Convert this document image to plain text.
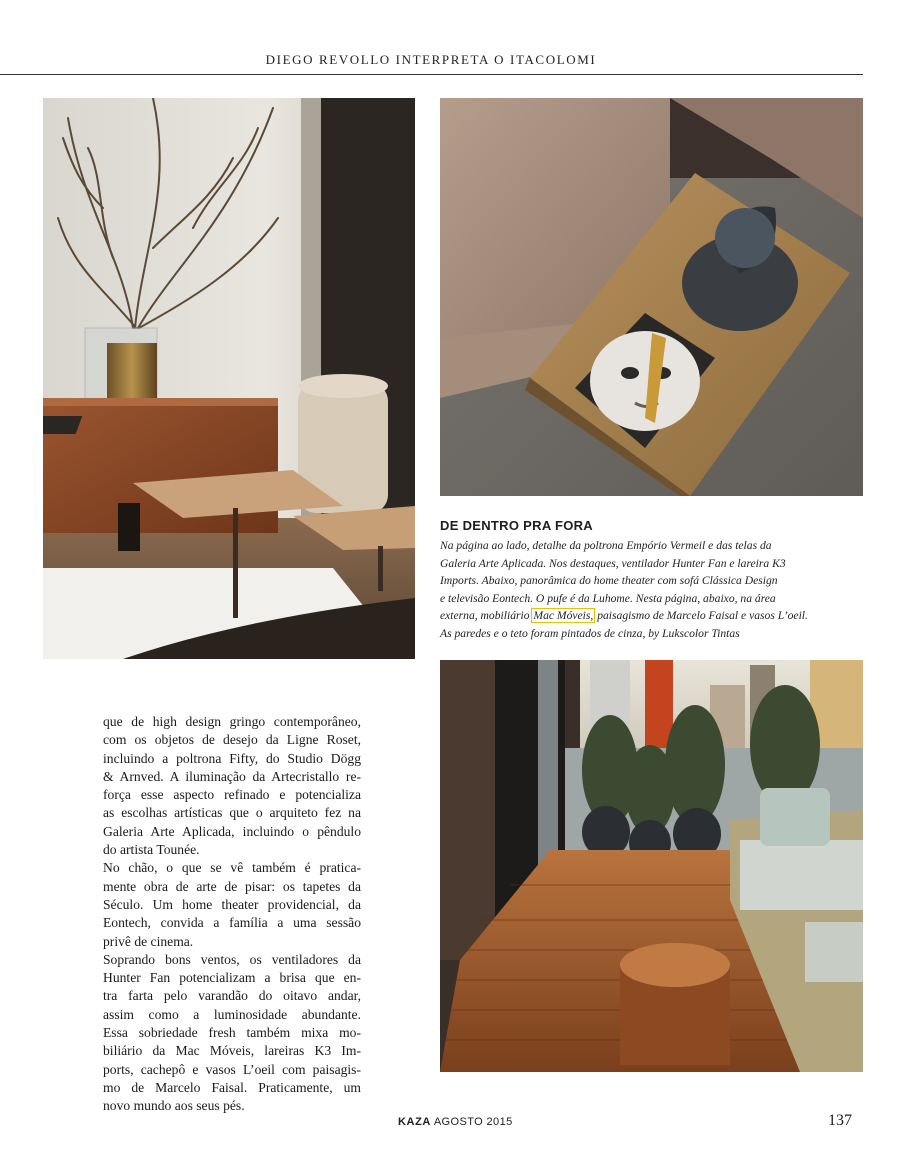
DIEGO REVOLLO INTERPRETA O ITACOLOMI
DE DENTRO PRA FORA
Na página ao lado, detalhe da poltrona Empório Vermeil e das telas da
Galeria Arte Aplicada. Nos destaques, ventilador Hunter Fan e lareira K3
Imports. Abaixo, panorâmica do home theater com sofá Clássica Design
e televisão Eontech. O pufe é da Luhome. Nesta página, abaixo, na área
externa, mobiliário Mac Móveis, paisagismo de Marcelo Faisal e vasos L’oeil.
As paredes e o teto foram pintados de cinza, by Lukscolor Tintas
que de high design gringo contemporâneo,
com os objetos de desejo da Ligne Roset,
incluindo a poltrona Fifty, do Studio Dögg
& Arnved. A iluminação da Artecristallo re-
força esse aspecto refinado e potencializa
as escolhas artísticas que o arquiteto fez na
Galeria Arte Aplicada, incluindo o pêndulo
do artista Tounée.
No chão, o que se vê também é pratica-
mente obra de arte de pisar: os tapetes da
Século. Um home theater providencial, da
Eontech, convida a família a uma sessão
privê de cinema.
Soprando bons ventos, os ventiladores da
Hunter Fan potencializam a brisa que en-
tra farta pelo varandão do oitavo andar,
assim como a luminosidade abundante.
Essa sobriedade fresh também mixa mo-
biliário da Mac Móveis, lareiras K3 Im-
ports, cachepô e vasos L’oeil com paisagis-
mo de Marcelo Faisal. Praticamente, um
novo mundo aos seus pés.
KAZA AGOSTO 2015	137
